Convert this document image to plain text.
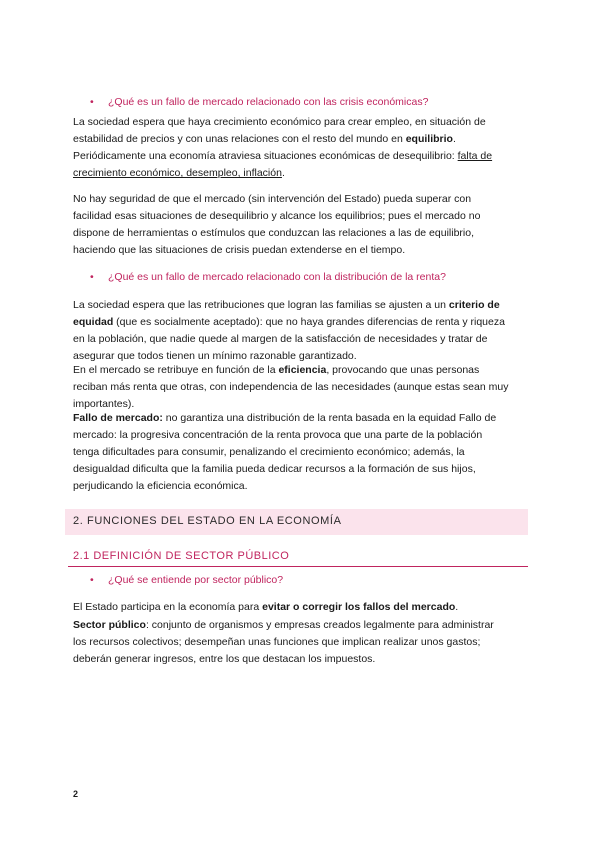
• ¿Qué es un fallo de mercado relacionado con las crisis económicas?

La sociedad espera que haya crecimiento económico para crear empleo, en situación de
estabilidad de precios y con unas relaciones con el resto del mundo en equilibrio.
Periódicamente una economía atraviesa situaciones económicas de desequilibrio: falta de
crecimiento económico, desempleo, inflación.

No hay seguridad de que el mercado (sin intervención del Estado) pueda superar con
facilidad esas situaciones de desequilibrio y alcance los equilibrios; pues el mercado no
dispone de herramientas o estímulos que conduzcan las relaciones a las de equilibrio,
haciendo que las situaciones de crisis puedan extenderse en el tiempo.

• ¿Qué es un fallo de mercado relacionado con la distribución de la renta?

La sociedad espera que las retribuciones que logran las familias se ajusten a un criterio de
equidad (que es socialmente aceptado): que no haya grandes diferencias de renta y riqueza
en la población, que nadie quede al margen de la satisfacción de necesidades y tratar de
asegurar que todos tienen un mínimo razonable garantizado.

En el mercado se retribuye en función de la eficiencia, provocando que unas personas
reciban más renta que otras, con independencia de las necesidades (aunque estas sean muy
importantes).

Fallo de mercado: no garantiza una distribución de la renta basada en la equidad Fallo de
mercado: la progresiva concentración de la renta provoca que una parte de la población
tenga dificultades para consumir, penalizando el crecimiento económico; además, la
desigualdad dificulta que la familia pueda dedicar recursos a la formación de sus hijos,
perjudicando la eficiencia económica.

2. FUNCIONES DEL ESTADO EN LA ECONOMÍA
2.1 DEFINICIÓN DE SECTOR PÚBLICO
• ¿Qué se entiende por sector público?

El Estado participa en la economía para evitar o corregir los fallos del mercado.

Sector público: conjunto de organismos y empresas creados legalmente para administrar
los recursos colectivos; desempeñan unas funciones que implican realizar unos gastos;
deberán generar ingresos, entre los que destacan los impuestos.

2
